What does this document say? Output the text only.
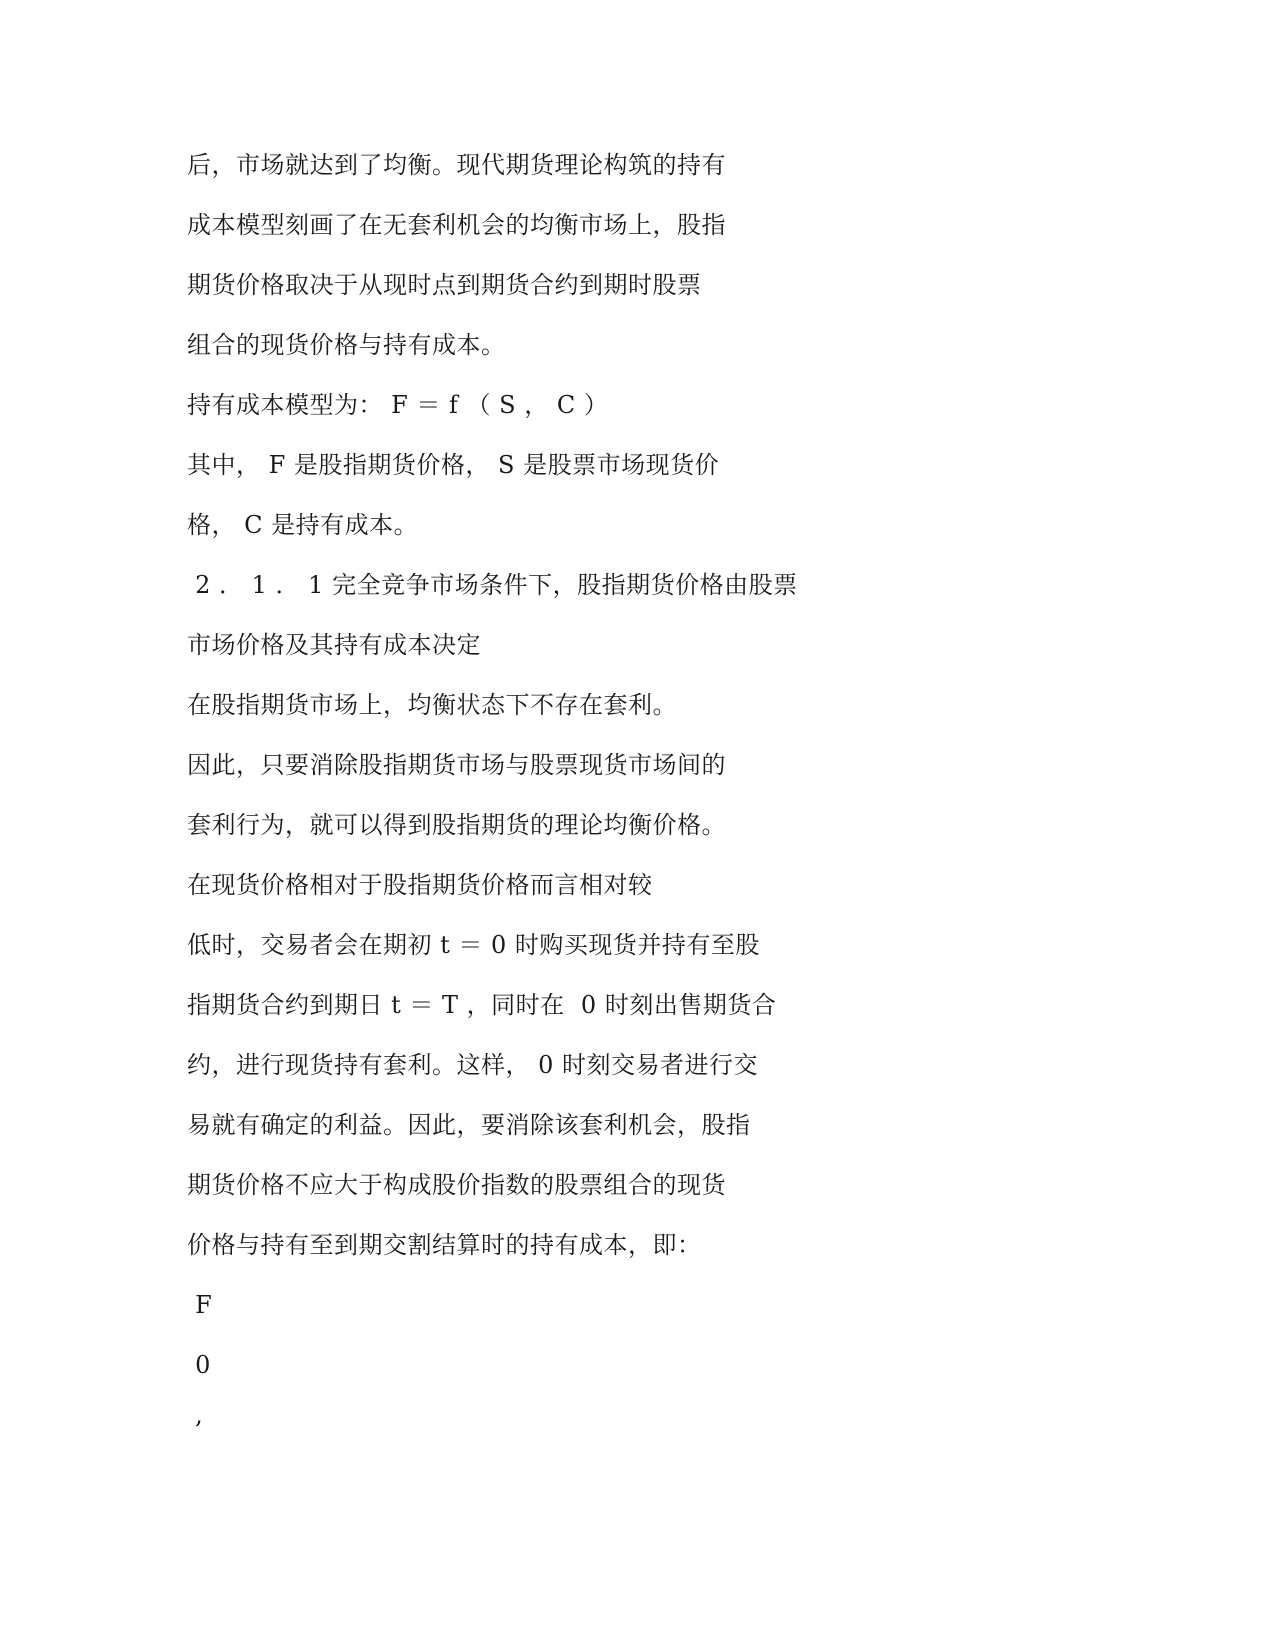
后，市场就达到了均衡。现代期货理论构筑的持有
成本模型刻画了在无套利机会的均衡市场上，股指
期货价格取决于从现时点到期货合约到期时股票
组合的现货价格与持有成本。
持有成本模型为： F ＝ f （ S ， C ）
其中， F 是股指期货价格， S 是股票市场现货价
格， C 是持有成本。
2 ． 1 ． 1 完全竞争市场条件下，股指期货价格由股票
市场价格及其持有成本决定
在股指期货市场上，均衡状态下不存在套利。
因此，只要消除股指期货市场与股票现货市场间的
套利行为，就可以得到股指期货的理论均衡价格。
在现货价格相对于股指期货价格而言相对较
低时，交易者会在期初 t ＝ 0 时购买现货并持有至股
指期货合约到期日 t ＝ T ，同时在  0 时刻出售期货合
约，进行现货持有套利。这样， 0 时刻交易者进行交
易就有确定的利益。因此，要消除该套利机会，股指
期货价格不应大于构成股价指数的股票组合的现货
价格与持有至到期交割结算时的持有成本，即：
F
0
,
